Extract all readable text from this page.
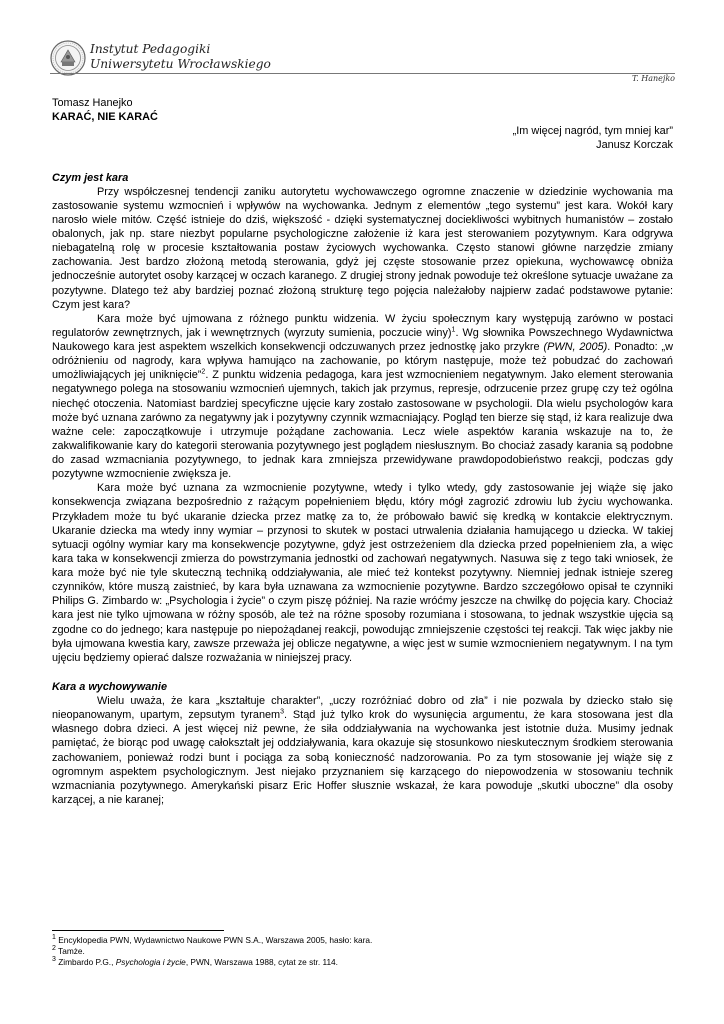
Instytut Pedagogiki
Uniwersytetu Wrocławskiego
T. Hanejko

Tomasz Hanejko

KARAĆ, NIE KARAĆ

„Im więcej nagród, tym mniej kar”

Janusz Korczak

Czym jest kara

Przy współczesnej tendencji zaniku autorytetu wychowawczego ogromne znaczenie w dziedzinie wychowania ma zastosowanie systemu wzmocnień i wpływów na wychowanka. Jednym z elementów „tego systemu” jest kara. Wokół kary narosło wiele mitów. Część istnieje do dziś, większość - dzięki systematycznej dociekliwości wybitnych humanistów – zostało obalonych, jak np. stare niezbyt popularne psychologiczne założenie iż kara jest sterowaniem pozytywnym. Kara odgrywa niebagatelną rolę w procesie kształtowania postaw życiowych wychowanka. Często stanowi główne narzędzie zmiany zachowania. Jest bardzo złożoną metodą sterowania, gdyż jej częste stosowanie przez opiekuna, wychowawcę obniża jednocześnie autorytet osoby karzącej w oczach karanego. Z drugiej strony jednak powoduje też określone sytuacje uważane za pozytywne. Dlatego też aby bardziej poznać złożoną strukturę tego pojęcia należałoby najpierw zadać podstawowe pytanie: Czym jest kara?

Kara może być ujmowana z różnego punktu widzenia. W życiu społecznym kary występują zarówno w postaci regulatorów zewnętrznych, jak i wewnętrznych (wyrzuty sumienia, poczucie winy)$^1$. Wg słownika Powszechnego Wydawnictwa Naukowego kara jest aspektem wszelkich konsekwencji odczuwanych przez jednostkę jako przykre (PWN, 2005). Ponadto: „w odróżnieniu od nagrody, kara wpływa hamująco na zachowanie, po którym następuje, może też pobudzać do zachowań umożliwiających jej uniknięcie”$^2$. Z punktu widzenia pedagoga, kara jest wzmocnieniem negatywnym. Jako element sterowania negatywnego polega na stosowaniu wzmocnień ujemnych, takich jak przymus, represje, odrzucenie przez grupę czy też ogólna niechęć otoczenia. Natomiast bardziej specyficzne ujęcie kary zostało zastosowane w psychologii. Dla wielu psychologów kara może być uznana zarówno za negatywny jak i pozytywny czynnik wzmacniający. Pogląd ten bierze się stąd, iż kara realizuje dwa ważne cele: zapoczątkowuje i utrzymuje pożądane zachowania. Lecz wiele aspektów karania wskazuje na to, że zakwalifikowanie kary do kategorii sterowania pozytywnego jest poglądem niesłusznym. Bo chociaż zasady karania są podobne do zasad wzmacniania pozytywnego, to jednak kara zmniejsza przewidywane prawdopodobieństwo reakcji, podczas gdy pozytywne wzmocnienie zwiększa je.

Kara może być uznana za wzmocnienie pozytywne, wtedy i tylko wtedy, gdy zastosowanie jej wiąże się jako konsekwencja związana bezpośrednio z rażącym popełnieniem błędu, który mógł zagrozić zdrowiu lub życiu wychowanka. Przykładem może tu być ukaranie dziecka przez matkę za to, że próbowało bawić się kredką w kontakcie elektrycznym. Ukaranie dziecka ma wtedy inny wymiar – przynosi to skutek w postaci utrwalenia działania hamującego u dziecka. W takiej sytuacji ogólny wymiar kary ma konsekwencje pozytywne, gdyż jest ostrzeżeniem dla dziecka przed popełnieniem zła, a więc kara taka w konsekwencji zmierza do powstrzymania jednostki od zachowań negatywnych. Nasuwa się z tego taki wniosek, że kara może być nie tyle skuteczną techniką oddziaływania, ale mieć też kontekst pozytywny. Niemniej jednak istnieje szereg czynników, które muszą zaistnieć, by kara była uznawana za wzmocnienie pozytywne. Bardzo szczegółowo opisał te czynniki Philips G. Zimbardo w: „Psychologia i życie” o czym piszę później. Na razie wróćmy jeszcze na chwilkę do pojęcia kary. Chociaż kara jest nie tylko ujmowana w różny sposób, ale też na różne sposoby rozumiana i stosowana, to jednak wszystkie ujęcia są zgodne co do jednego; kara następuje po niepożądanej reakcji, powodując zmniejszenie częstości tej reakcji. Tak więc jakby nie była ujmowana kwestia kary, zawsze przeważa jej oblicze negatywne, a więc jest w sumie wzmocnieniem negatywnym. I na tym ujęciu będziemy opierać dalsze rozważania w niniejszej pracy.

Kara a wychowywanie

Wielu uważa, że kara „kształtuje charakter”, „uczy rozróżniać dobro od zła” i nie pozwala by dziecko stało się nieopanowanym, upartym, zepsutym tyranem$^3$. Stąd już tylko krok do wysunięcia argumentu, że kara stosowana jest dla własnego dobra dzieci. A jest więcej niż pewne, że siła oddziaływania na wychowanka jest istotnie duża. Musimy jednak pamiętać, że biorąc pod uwagę całokształt jej oddziaływania, kara okazuje się stosunkowo nieskutecznym środkiem sterowania zachowaniem, ponieważ rodzi bunt i pociąga za sobą konieczność nadzorowania. Po za tym stosowanie jej wiąże się z ogromnym aspektem psychologicznym. Jest niejako przyznaniem się karzącego do niepowodzenia w stosowaniu technik wzmacniania pozytywnego. Amerykański pisarz Eric Hoffer słusznie wskazał, że kara powoduje „skutki uboczne” dla osoby karzącej, a nie karanej;

$^1$ Encyklopedia PWN, Wydawnictwo Naukowe PWN S.A., Warszawa 2005, hasło: kara.

$^2$ Tamże.

$^3$ Zimbardo P.G., Psychologia i życie, PWN, Warszawa 1988, cytat ze str. 114.
